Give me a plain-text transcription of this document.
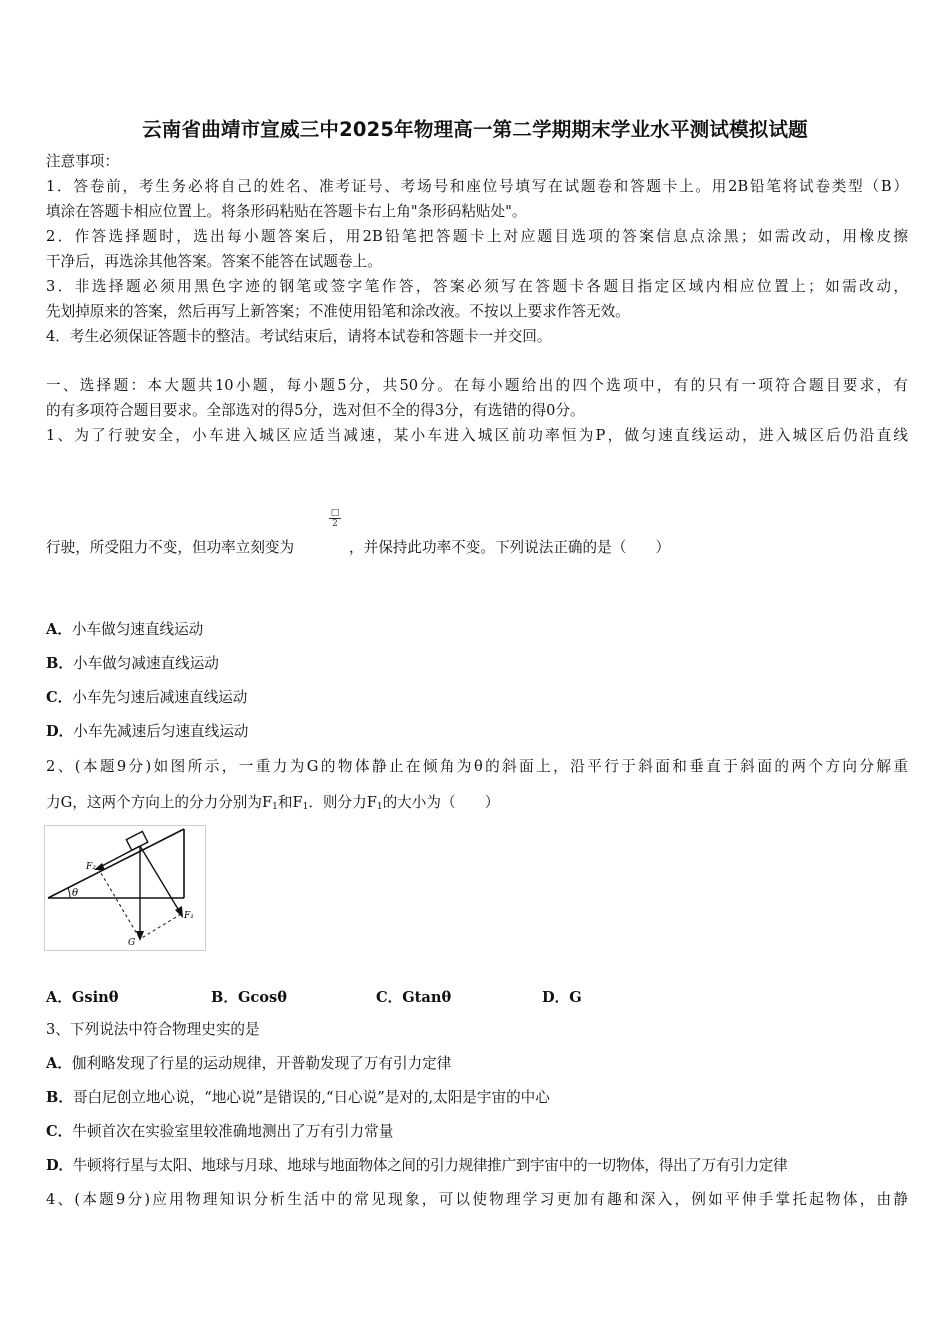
云南省曲靖市宣威三中2025年物理高一第二学期期末学业水平测试模拟试题
注意事项：
1．答卷前，考生务必将自己的姓名、准考证号、考场号和座位号填写在试题卷和答题卡上。用2B铅笔将试卷类型（B）
填涂在答题卡相应位置上。将条形码粘贴在答题卡右上角"条形码粘贴处"。
2．作答选择题时，选出每小题答案后，用2B铅笔把答题卡上对应题目选项的答案信息点涂黑；如需改动，用橡皮擦
干净后，再选涂其他答案。答案不能答在试题卷上。
3．非选择题必须用黑色字迹的钢笔或签字笔作答，答案必须写在答题卡各题目指定区域内相应位置上；如需改动，
先划掉原来的答案，然后再写上新答案；不准使用铅笔和涂改液。不按以上要求作答无效。
4．考生必须保证答题卡的整洁。考试结束后，请将本试卷和答题卡一并交回。
一、选择题：本大题共10小题，每小题5分，共50分。在每小题给出的四个选项中，有的只有一项符合题目要求，有
的有多项符合题目要求。全部选对的得5分，选对但不全的得3分，有选错的得0分。
1、为了行驶安全，小车进入城区应适当减速，某小车进入城区前功率恒为P，做匀速直线运动，进入城区后仍沿直线
□
2
行驶，所受阻力不变，但功率立刻变为	，并保持此功率不变。下列说法正确的是（　　）
A．小车做匀速直线运动
B．小车做匀减速直线运动
C．小车先匀速后减速直线运动
D．小车先减速后匀速直线运动
2、(本题9分)如图所示，一重力为G的物体静止在倾角为θ的斜面上，沿平行于斜面和垂直于斜面的两个方向分解重
力G，这两个方向上的分力分别为$F_1$和$F_1$．则分力$F_1$的大小为（　　）
θ
F₂
F₁
G
A．Gsinθ	B．Gcosθ	C．Gtanθ	D．G
3、下列说法中符合物理史实的是
A．伽利略发现了行星的运动规律，开普勒发现了万有引力定律
B．哥白尼创立地心说，“地心说”是错误的,“日心说”是对的,太阳是宇宙的中心
C．牛顿首次在实验室里较准确地测出了万有引力常量
D．牛顿将行星与太阳、地球与月球、地球与地面物体之间的引力规律推广到宇宙中的一切物体，得出了万有引力定律
4、(本题9分)应用物理知识分析生活中的常见现象，可以使物理学习更加有趣和深入，例如平伸手掌托起物体，由静
